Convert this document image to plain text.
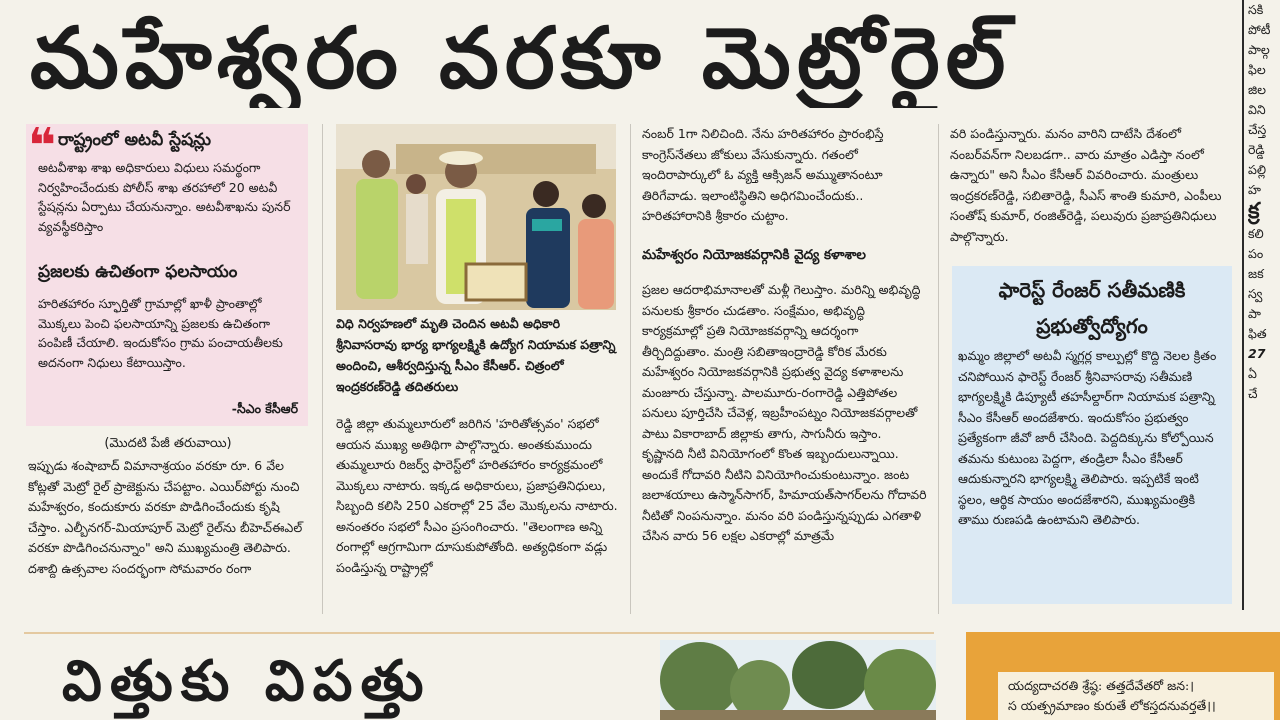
మహేశ్వరం వరకూ మెట్రోరైల్
❝ రాష్ట్రంలో అటవీ స్టేషన్లు
అటవీశాఖ శాఖ అధికారులు విధులు సమర్థంగా నిర్వహించేందుకు పోలీస్ శాఖ తరహాలో 20 అటవీ స్టేషన్లను ఏర్పాటు చేయనున్నాం. అటవీశాఖను పునర్ వ్యవస్థీకరిస్తాం
ప్రజలకు ఉచితంగా ఫలసాయం
హరితహారం స్ఫూర్తితో గ్రామాల్లో ఖాళీ ప్రాంతాల్లో మొక్కలు పెంచి ఫలసాయాన్ని ప్రజలకు ఉచితంగా పంపిణీ చేయాలి. ఇందుకోసం గ్రామ పంచాయతీలకు అదనంగా నిధులు కేటాయిస్తాం.
-సీఎం కేసీఆర్
విధి నిర్వహణలో మృతి చెందిన అటవీ అధికారి శ్రీనివాసరావు భార్య భాగ్యలక్ష్మికి ఉద్యోగ నియామక పత్రాన్ని అందించి, ఆశీర్వదిస్తున్న సీఎం కేసీఆర్. చిత్రంలో ఇంద్రకరణ్‌రెడ్డి తదితరులు
(మొదటి పేజీ తరువాయి)
ఇప్పుడు శంషాబాద్ విమానాశ్రయం వరకూ రూ. 6 వేల కోట్లతో మెట్రో రైల్ ప్రాజెక్టును చేపట్టాం. ఎయిర్‌పోర్టు నుంచి మహేశ్వరం, కందుకూరు వరకూ పొడిగించేందుకు కృషి చేస్తాం. ఎల్బీనగర్-మియాపూర్ మెట్రో రైల్‌ను బీహెచ్‌ఈఎల్ వరకూ పొడిగించనున్నాం" అని ముఖ్యమంత్రి తెలిపారు. దశాబ్ది ఉత్సవాల సందర్భంగా సోమవారం రంగా
రెడ్డి జిల్లా తుమ్మలూరులో జరిగిన 'హరితోత్సవం' సభలో ఆయన ముఖ్య అతిథిగా పాల్గొన్నారు. అంతకుముందు తుమ్మలూరు రిజర్వ్ ఫారెస్ట్‌లో హరితహారం కార్యక్రమంలో మొక్కలు నాటారు. ఇక్కడ అధికారులు, ప్రజాప్రతినిధులు, సిబ్బంది కలిసి 250 ఎకరాల్లో 25 వేల మొక్కలను నాటారు. అనంతరం సభలో సీఎం ప్రసంగించారు. "తెలంగాణ అన్ని రంగాల్లో ఆగ్రగామిగా దూసుకుపోతోంది. అత్యధికంగా వడ్లు పండిస్తున్న రాష్ట్రాల్లో
నంబర్ 1గా నిలిచింది. నేను హరితహారం ప్రారంభిస్తే కాంగ్రెస్‌నేతలు జోకులు వేసుకున్నారు. గతంలో ఇందిరాపార్కులో ఓ వ్యక్తి ఆక్సిజన్ అమ్ముతానంటూ తిరిగేవాడు. ఇలాంటిస్థితిని అధిగమించేందుకు.. హరితహారానికి శ్రీకారం చుట్టాం.
మహేశ్వరం నియోజకవర్గానికి వైద్య కళాశాల
ప్రజల ఆదరాభిమానాలతో మళ్లీ గెలుస్తాం. మరిన్ని అభివృద్ధి పనులకు శ్రీకారం చుడతాం. సంక్షేమం, అభివృద్ధి కార్యక్రమాల్లో ప్రతి నియోజకవర్గాన్ని ఆదర్శంగా తీర్చిదిద్దుతాం. మంత్రి సబితాఇంద్రారెడ్డి కోరిక మేరకు మహేశ్వరం నియోజకవర్గానికి ప్రభుత్వ వైద్య కళాశాలను మంజూరు చేస్తున్నా. పాలమూరు-రంగారెడ్డి ఎత్తిపోతల పనులు పూర్తిచేసి చేవెళ్ల, ఇబ్రహీంపట్నం నియోజకవర్గాలతో పాటు వికారాబాద్ జిల్లాకు తాగు, సాగునీరు ఇస్తాం. కృష్ణానది నీటి వినియోగంలో కొంత ఇబ్బందులున్నాయి. అందుకే గోదావరి నీటిని వినియోగించుకుంటున్నాం. జంట జలాశయాలు ఉస్మాన్‌సాగర్, హిమాయత్‌సాగర్‌లను గోదావరి నీటితో నింపనున్నాం. మనం వరి పండిస్తున్నప్పుడు ఎగతాళి చేసిన వారు 56 లక్షల ఎకరాల్లో మాత్రమే
వరి పండిస్తున్నారు. మనం వారిని దాటేసి దేశంలో నంబర్‌వన్‌గా నిలబడగా.. వారు మాత్రం ఎడిస్తా నంలో ఉన్నారు" అని సీఎం కేసీఆర్ వివరించారు. మంత్రులు ఇంద్రకరణ్‌రెడ్డి, సబితారెడ్డి, సీఎస్ శాంతి కుమారి, ఎంపీలు సంతోష్ కుమార్, రంజిత్‌రెడ్డి, పలువురు ప్రజాప్రతినిధులు పాల్గొన్నారు.
ఫారెస్ట్ రేంజర్ సతీమణికి
ప్రభుత్వోద్యోగం
ఖమ్మం జిల్లాలో అటవీ స్మగ్లర్ల కాల్పుల్లో కొద్ది నెలల క్రితం చనిపోయిన ఫారెస్ట్ రేంజర్ శ్రీనివాసరావు సతీమణి భాగ్యలక్ష్మికి డిప్యూటీ తహసీల్దార్‌గా నియామక పత్రాన్ని సీఎం కేసీఆర్ అందజేశారు. ఇందుకోసం ప్రభుత్వం ప్రత్యేకంగా జీవో జారీ చేసింది. పెద్దదిక్కును కోల్పోయిన తమను కుటుంబ పెద్దగా, తండ్రిలా సీఎం కేసీఆర్ ఆదుకున్నారని భాగ్యలక్ష్మి తెలిపారు. ఇప్పటికే ఇంటి స్థలం, ఆర్థిక సాయం అందజేశారని, ముఖ్యమంత్రికి తాము రుణపడి ఉంటామని తెలిపారు.
సకి
పోటీ
పాల్గ
ఫిల
జిల
విని
చేస్త
రెడ్డి
పల్లి
హ
క్ర
కలి
పం
జక
స్వ
పా
ఫిత
27
ఏ
చే
విత్తుకు విపత్తు	యద్యదాచరతి శ్రేష్ఠ: తత్తదేవేతరో జన:।
స యత్ప్రమాణం కురుతే లోకస్తదనువర్తతే।।
